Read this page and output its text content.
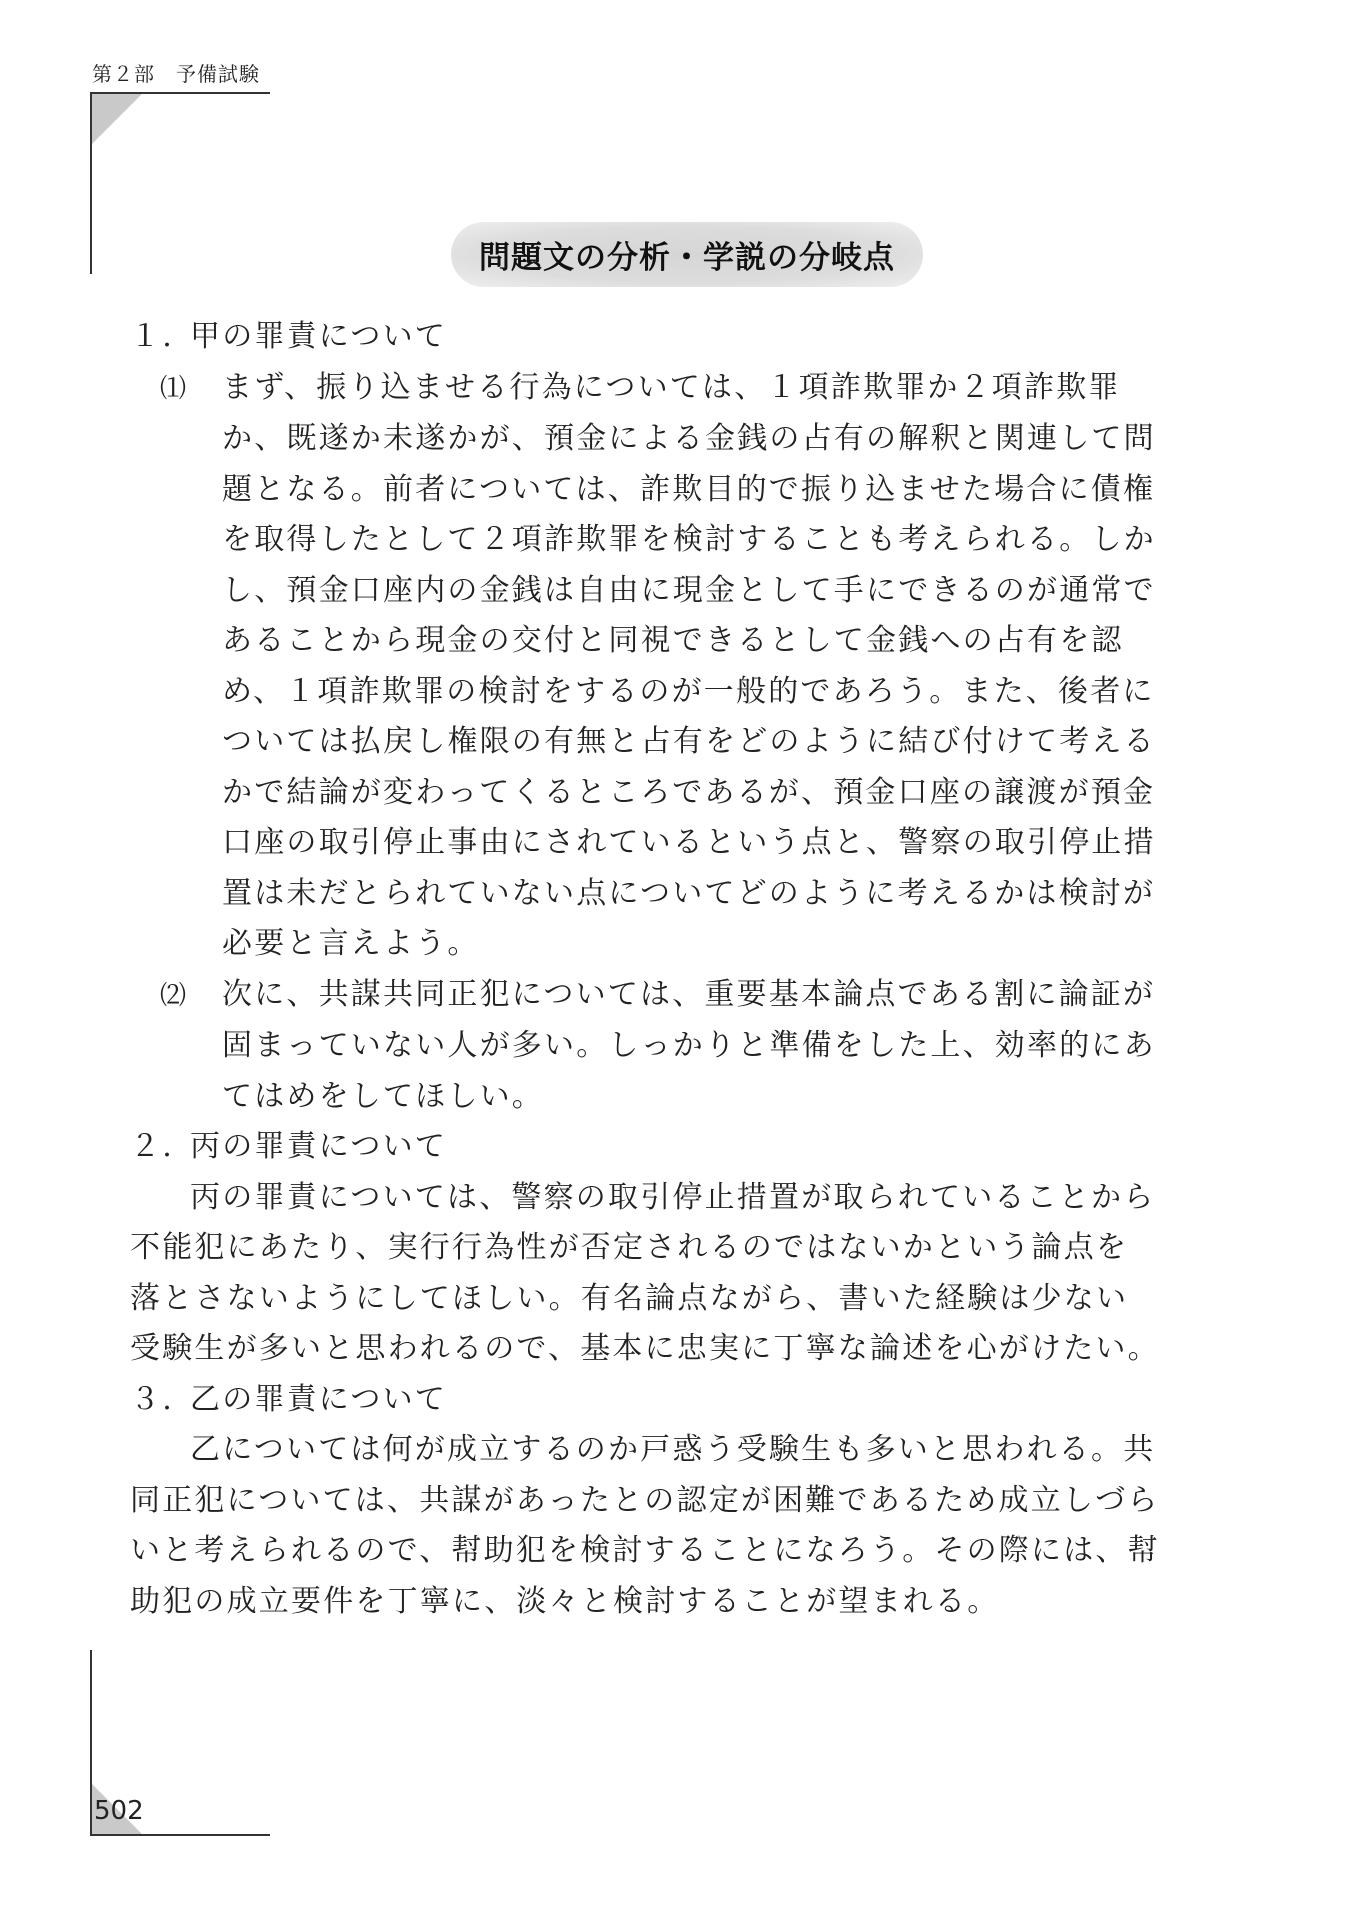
第２部　予備試験
問題文の分析・学説の分岐点
１. 甲の罪責について
⑴ まず、振り込ませる行為については、１項詐欺罪か２項詐欺罪か、既遂か未遂かが、預金による金銭の占有の解釈と関連して問題となる。前者については、詐欺目的で振り込ませた場合に債権を取得したとして２項詐欺罪を検討することも考えられる。しかし、預金口座内の金銭は自由に現金として手にできるのが通常であることから現金の交付と同視できるとして金銭への占有を認め、１項詐欺罪の検討をするのが一般的であろう。また、後者については払戻し権限の有無と占有をどのように結び付けて考えるかで結論が変わってくるところであるが、預金口座の譲渡が預金口座の取引停止事由にされているという点と、警察の取引停止措置は未だとられていない点についてどのように考えるかは検討が必要と言えよう。
⑵ 次に、共謀共同正犯については、重要基本論点である割に論証が固まっていない人が多い。しっかりと準備をした上、効率的にあてはめをしてほしい。
２. 丙の罪責について
丙の罪責については、警察の取引停止措置が取られていることから不能犯にあたり、実行行為性が否定されるのではないかという論点を落とさないようにしてほしい。有名論点ながら、書いた経験は少ない受験生が多いと思われるので、基本に忠実に丁寧な論述を心がけたい。
３. 乙の罪責について
乙については何が成立するのか戸惑う受験生も多いと思われる。共同正犯については、共謀があったとの認定が困難であるため成立しづらいと考えられるので、幇助犯を検討することになろう。その際には、幇助犯の成立要件を丁寧に、淡々と検討することが望まれる。
502
